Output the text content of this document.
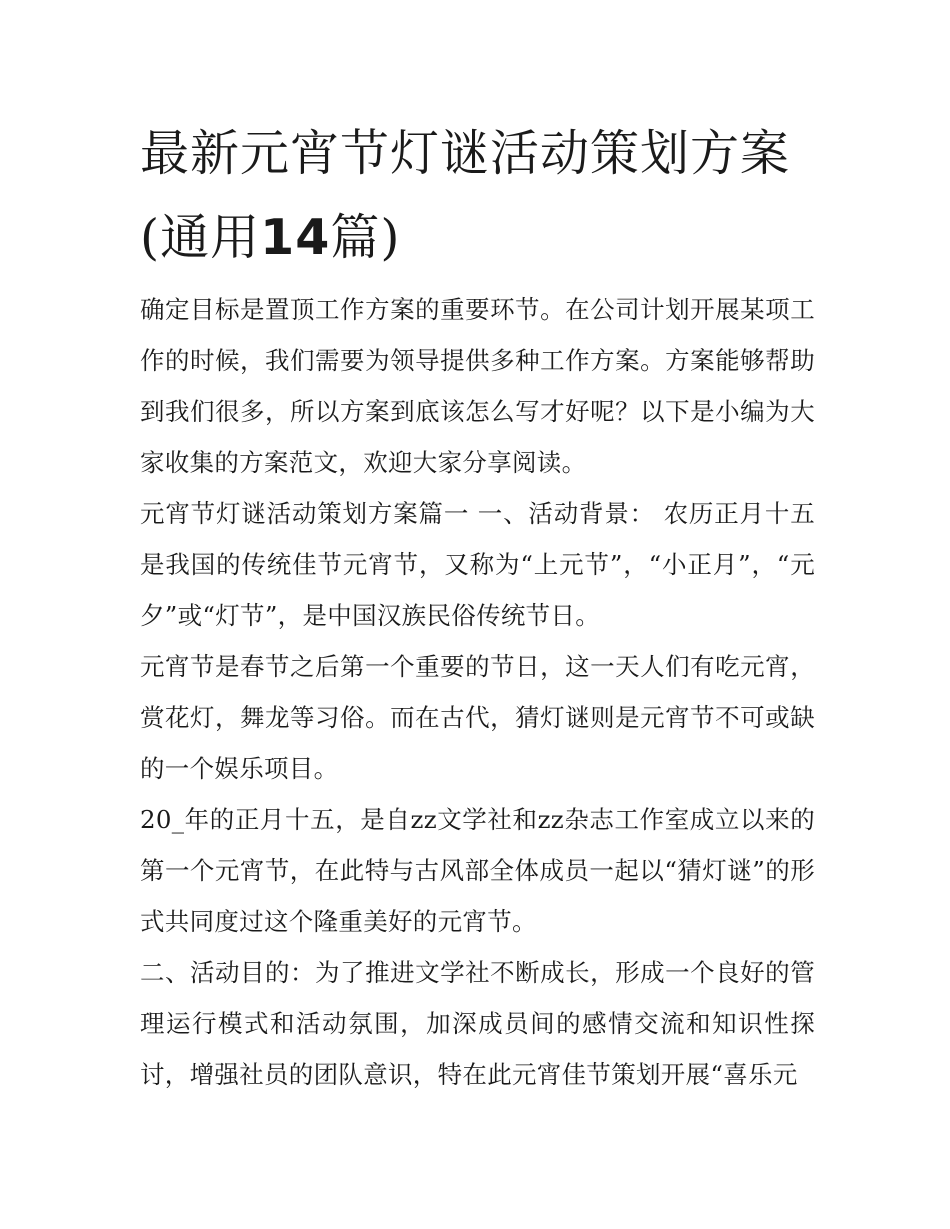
最新元宵节灯谜活动策划方案
(通用14篇)

确定目标是置顶工作方案的重要环节。在公司计划开展某项工作的时候，我们需要为领导提供多种工作方案。方案能够帮助到我们很多，所以方案到底该怎么写才好呢？以下是小编为大家收集的方案范文，欢迎大家分享阅读。

元宵节灯谜活动策划方案篇一 一、活动背景： 农历正月十五是我国的传统佳节元宵节，又称为“上元节”，“小正月”，“元夕”或“灯节”，是中国汉族民俗传统节日。

元宵节是春节之后第一个重要的节日，这一天人们有吃元宵，赏花灯，舞龙等习俗。而在古代，猜灯谜则是元宵节不可或缺的一个娱乐项目。

20_年的正月十五，是自zz文学社和zz杂志工作室成立以来的第一个元宵节，在此特与古风部全体成员一起以“猜灯谜”的形式共同度过这个隆重美好的元宵节。

二、活动目的：为了推进文学社不断成长，形成一个良好的管理运行模式和活动氛围，加深成员间的感情交流和知识性探讨，增强社员的团队意识，特在此元宵佳节策划开展“喜乐元
